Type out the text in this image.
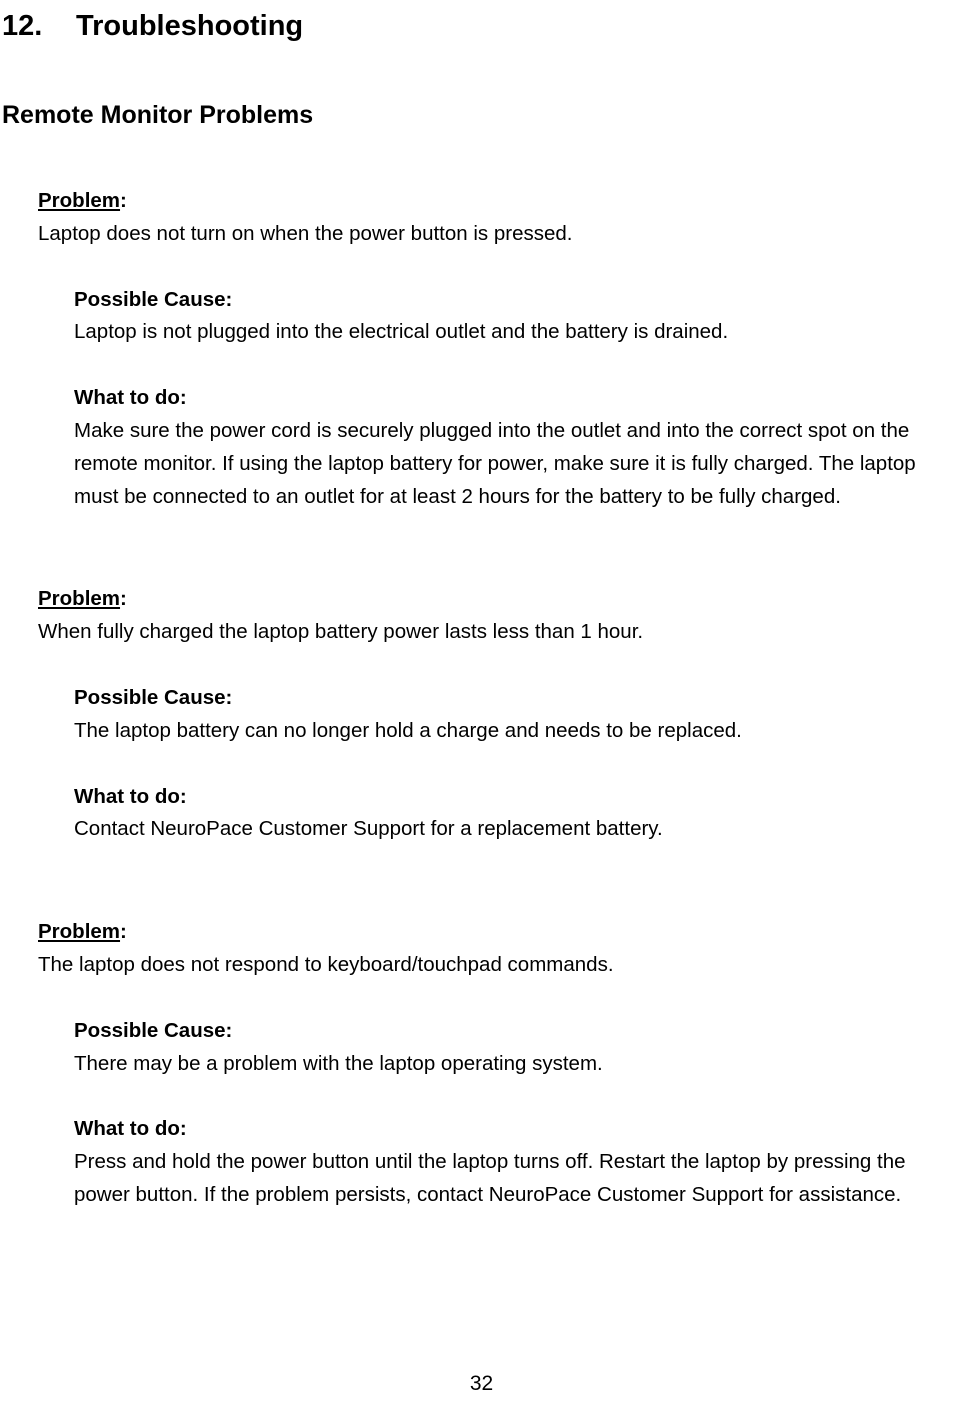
12.	Troubleshooting
Remote Monitor Problems
Problem:
Laptop does not turn on when the power button is pressed.
Possible Cause:
Laptop is not plugged into the electrical outlet and the battery is drained.
What to do:
Make sure the power cord is securely plugged into the outlet and into the correct spot on the remote monitor. If using the laptop battery for power, make sure it is fully charged. The laptop must be connected to an outlet for at least 2 hours for the battery to be fully charged.
Problem:
When fully charged the laptop battery power lasts less than 1 hour.
Possible Cause:
The laptop battery can no longer hold a charge and needs to be replaced.
What to do:
Contact NeuroPace Customer Support for a replacement battery.
Problem:
The laptop does not respond to keyboard/touchpad commands.
Possible Cause:
There may be a problem with the laptop operating system.
What to do:
Press and hold the power button until the laptop turns off. Restart the laptop by pressing the power button. If the problem persists, contact NeuroPace Customer Support for assistance.
32
